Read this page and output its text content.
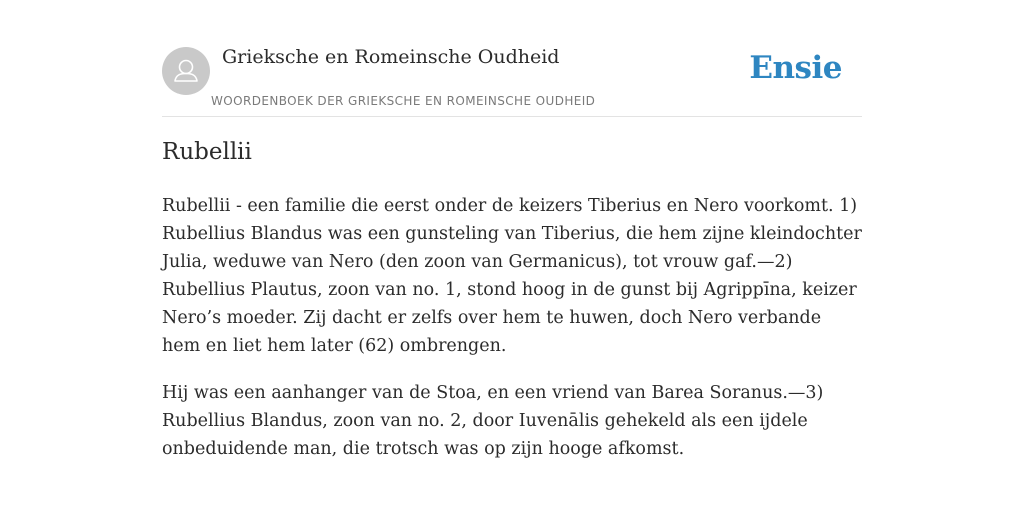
Grieksche en Romeinsche Oudheid
WOORDENBOEK DER GRIEKSCHE EN ROMEINSCHE OUDHEID
Ensie
Rubellii

Rubellii - een familie die eerst onder de keizers Tiberius en Nero voorkomt. 1) Rubellius Blandus was een gunsteling van Tiberius, die hem zijne kleindochter Julia, weduwe van Nero (den zoon van Germanicus), tot vrouw gaf.—2) Rubellius Plautus, zoon van no. 1, stond hoog in de gunst bij Agrippīna, keizer Nero’s moeder. Zij dacht er zelfs over hem te huwen, doch Nero verbande hem en liet hem later (62) ombrengen.

Hij was een aanhanger van de Stoa, en een vriend van Barea Soranus.—3) Rubellius Blandus, zoon van no. 2, door Iuvenālis gehekeld als een ijdele onbeduidende man, die trotsch was op zijn hooge afkomst.
